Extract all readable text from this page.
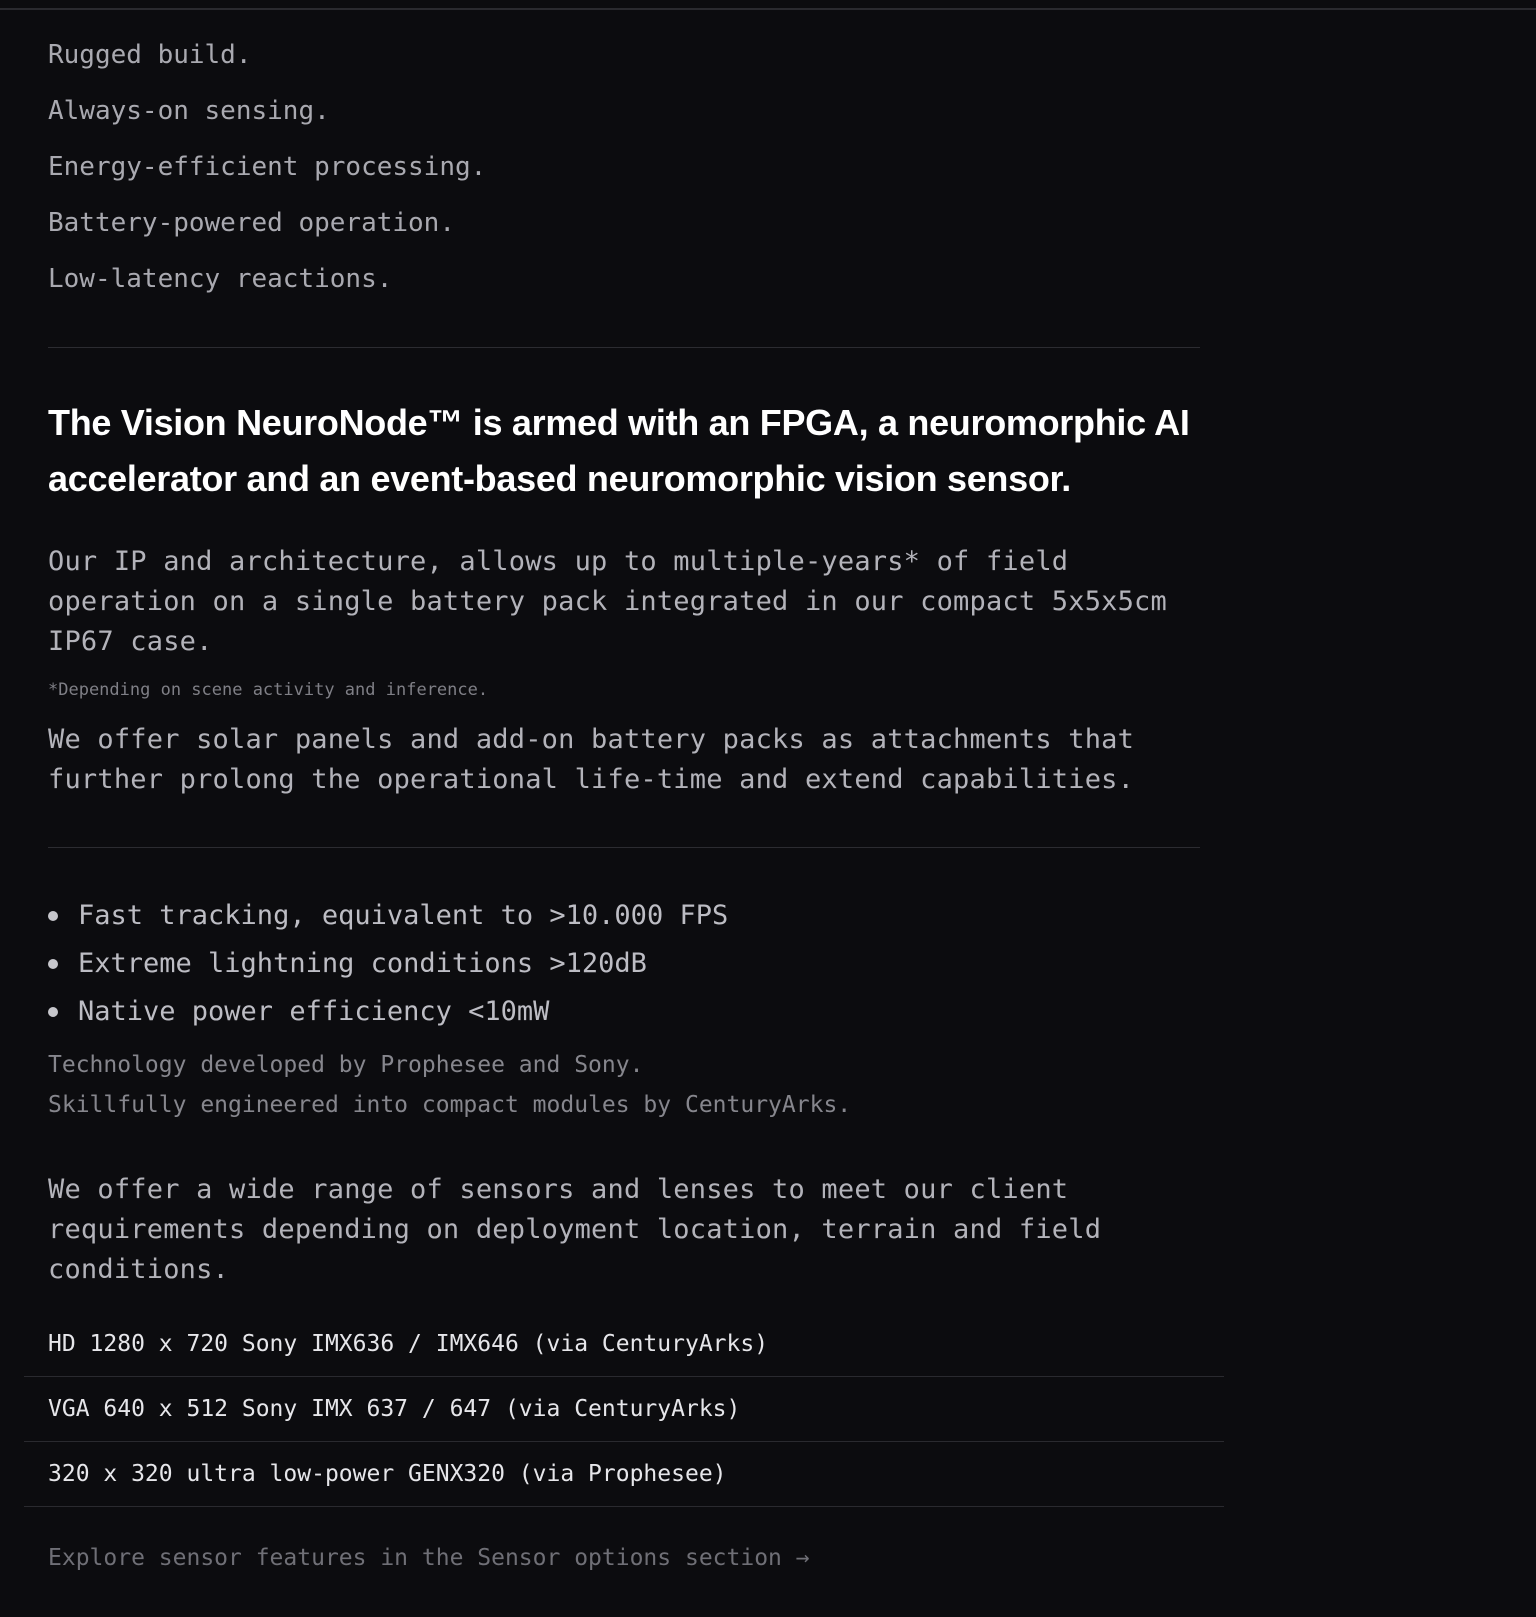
Rugged build.
Always-on sensing.
Energy-efficient processing.
Battery-powered operation.
Low-latency reactions.
The Vision NeuroNode™ is armed with an FPGA, a neuromorphic AI accelerator and an event-based neuromorphic vision sensor.

Our IP and architecture, allows up to multiple-years* of field operation on a single battery pack integrated in our compact 5x5x5cm IP67 case.

*Depending on scene activity and inference.

We offer solar panels and add-on battery packs as attachments that further prolong the operational life-time and extend capabilities.

Fast tracking, equivalent to >10.000 FPS
Extreme lightning conditions >120dB
Native power efficiency <10mW

Technology developed by Prophesee and Sony.
Skillfully engineered into compact modules by CenturyArks.

We offer a wide range of sensors and lenses to meet our client requirements depending on deployment location, terrain and field conditions.

HD 1280 x 720 Sony IMX636 / IMX646 (via CenturyArks)
VGA 640 x 512 Sony IMX 637 / 647 (via CenturyArks)
320 x 320 ultra low-power GENX320 (via Prophesee)
Explore sensor features in the Sensor options section →
